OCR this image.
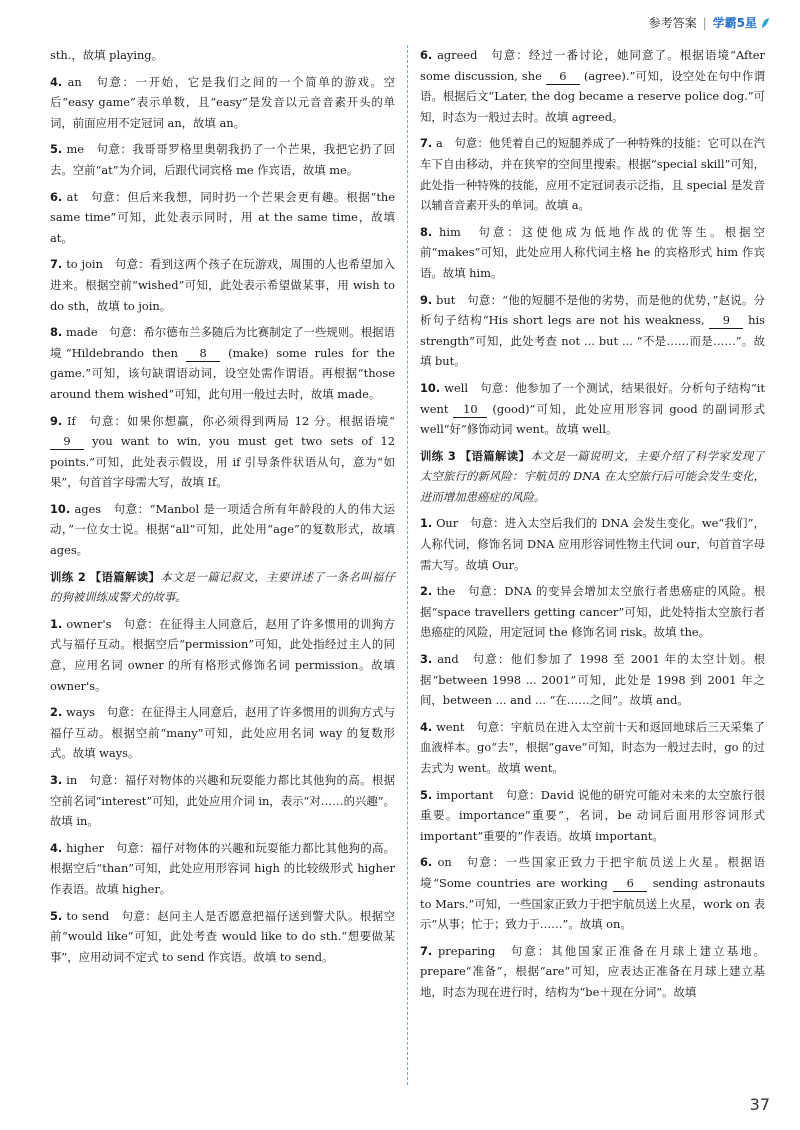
参考答案 | 学霸5星

sth.，故填 playing。

4. an　句意：一开始，它是我们之间的一个简单的游戏。空后“easy game”表示单数，且“easy”是发音以元音音素开头的单词，前面应用不定冠词 an，故填 an。

5. me　句意：我哥哥罗格里奥朝我扔了一个芒果，我把它扔了回去。空前“at”为介词，后跟代词宾格 me 作宾语，故填 me。

6. at　句意：但后来我想，同时扔一个芒果会更有趣。根据“the same time”可知，此处表示同时，用 at the same time，故填 at。

7. to join　句意：看到这两个孩子在玩游戏，周围的人也希望加入进来。根据空前“wished”可知，此处表示希望做某事，用 wish to do sth，故填 to join。

8. made　句意：希尔德布兰多随后为比赛制定了一些规则。根据语境“Hildebrando then 8 (make) some rules for the game.”可知，该句缺谓语动词，设空处需作谓语。再根据“those around them wished”可知，此句用一般过去时，故填 made。

9. If　句意：如果你想赢，你必须得到两局 12 分。根据语境“ 9 you want to win, you must get two sets of 12 points.”可知，此处表示假设，用 if 引导条件状语从句，意为“如果”，句首首字母需大写，故填 If。

10. ages　句意：“Manbol 是一项适合所有年龄段的人的伟大运动，”一位女士说。根据“all”可知，此处用“age”的复数形式，故填 ages。

训练 2 【语篇解读】本文是一篇记叙文，主要讲述了一条名叫福仔的狗被训练成警犬的故事。

1. owner's　句意：在征得主人同意后，赵用了许多惯用的训狗方式与福仔互动。根据空后“permission”可知，此处指经过主人的同意，应用名词 owner 的所有格形式修饰名词 permission。故填 owner's。

2. ways　句意：在征得主人同意后，赵用了许多惯用的训狗方式与福仔互动。根据空前“many”可知，此处应用名词 way 的复数形式。故填 ways。

3. in　句意：福仔对物体的兴趣和玩耍能力都比其他狗的高。根据空前名词“interest”可知，此处应用介词 in，表示“对……的兴趣”。故填 in。

4. higher　句意：福仔对物体的兴趣和玩耍能力都比其他狗的高。根据空后“than”可知，此处应用形容词 high 的比较级形式 higher 作表语。故填 higher。

5. to send　句意：赵问主人是否愿意把福仔送到警犬队。根据空前“would like”可知，此处考查 would like to do sth.“想要做某事”，应用动词不定式 to send 作宾语。故填 to send。

6. agreed　句意：经过一番讨论，她同意了。根据语境“After some discussion, she 6 (agree).”可知，设空处在句中作谓语。根据后文“Later, the dog became a reserve police dog.”可知，时态为一般过去时。故填 agreed。

7. a　句意：他凭着自己的短腿养成了一种特殊的技能：它可以在汽车下自由移动，并在狭窄的空间里搜索。根据“special skill”可知，此处指一种特殊的技能，应用不定冠词表示泛指，且 special 是发音以辅音音素开头的单词。故填 a。

8. him　句意：这使他成为低地作战的优等生。根据空前“makes”可知，此处应用人称代词主格 he 的宾格形式 him 作宾语。故填 him。

9. but　句意：“他的短腿不是他的劣势，而是他的优势，”赵说。分析句子结构“His short legs are not his weakness, 9 his strength”可知，此处考查 not ... but ... “不是……而是……”。故填 but。

10. well　句意：他参加了一个测试，结果很好。分析句子结构“it went 10 (good)”可知，此处应用形容词 good 的副词形式 well“好”修饰动词 went。故填 well。

训练 3 【语篇解读】本文是一篇说明文，主要介绍了科学家发现了太空旅行的新风险：宇航员的 DNA 在太空旅行后可能会发生变化，进而增加患癌症的风险。

1. Our　句意：进入太空后我们的 DNA 会发生变化。we“我们”，人称代词，修饰名词 DNA 应用形容词性物主代词 our，句首首字母需大写。故填 Our。

2. the　句意：DNA 的变异会增加太空旅行者患癌症的风险。根据“space travellers getting cancer”可知，此处特指太空旅行者患癌症的风险，用定冠词 the 修饰名词 risk。故填 the。

3. and　句意：他们参加了 1998 至 2001 年的太空计划。根据“between 1998 ... 2001”可知，此处是 1998 到 2001 年之间，between ... and ... “在……之间”。故填 and。

4. went　句意：宇航员在进入太空前十天和返回地球后三天采集了血液样本。go“去”，根据“gave”可知，时态为一般过去时，go 的过去式为 went。故填 went。

5. important　句意：David 说他的研究可能对未来的太空旅行很重要。importance“重要”，名词，be 动词后面用形容词形式 important“重要的”作表语。故填 important。

6. on　句意：一些国家正致力于把宇航员送上火星。根据语境“Some countries are working 6 sending astronauts to Mars.”可知，一些国家正致力于把宇航员送上火星，work on 表示“从事；忙于；致力于……”。故填 on。

7. preparing　句意：其他国家正准备在月球上建立基地。prepare“准备”，根据“are”可知，应表达正准备在月球上建立基地，时态为现在进行时，结构为“be＋现在分词”。故填

37
